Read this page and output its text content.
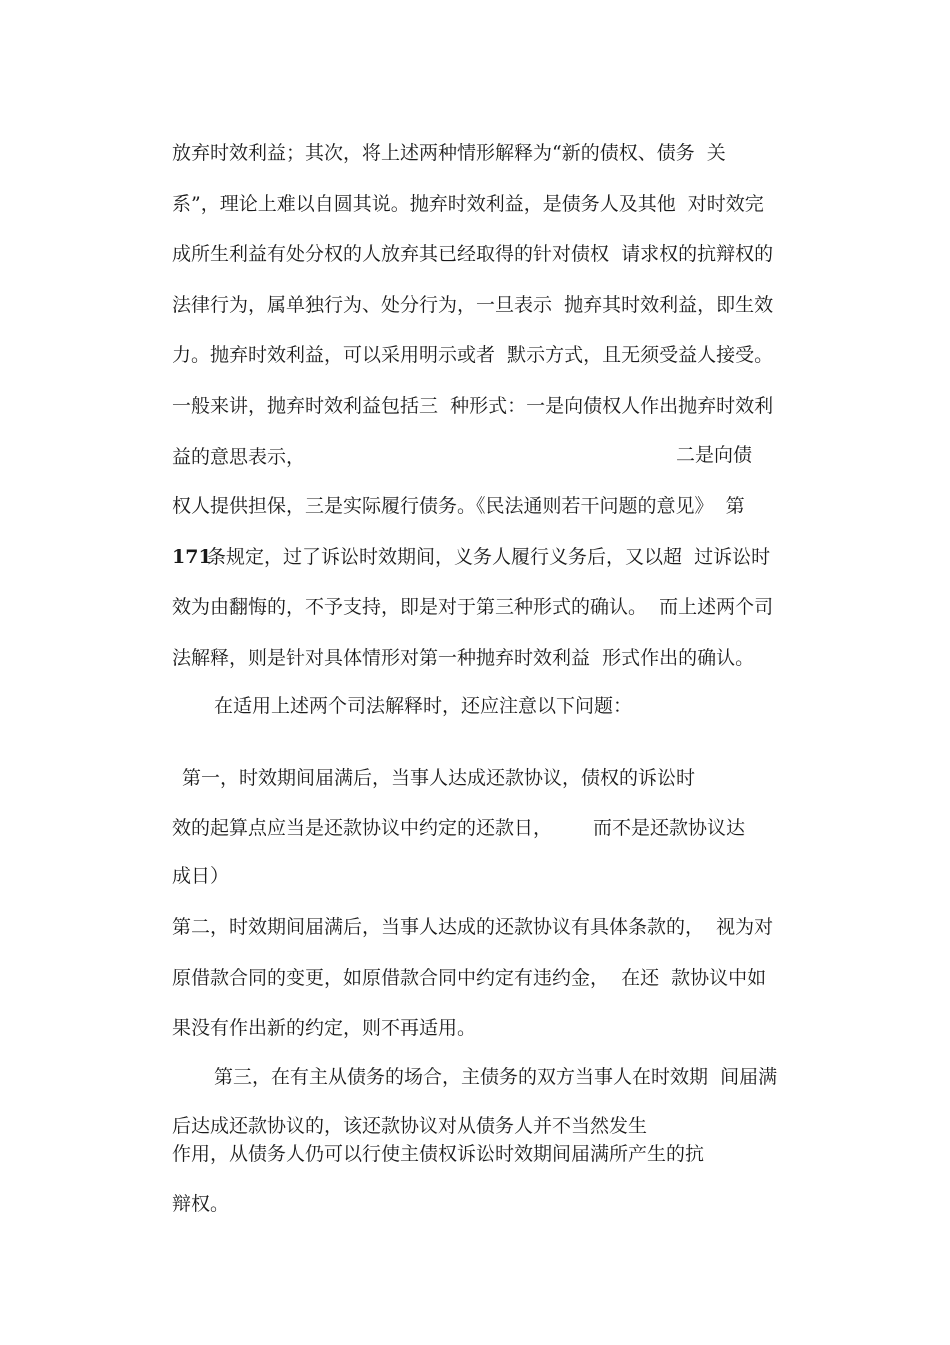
放弃时效利益；其次，将上述两种情形解释为“新的债权、债务  关

系”，理论上难以自圆其说。抛弃时效利益，是债务人及其他  对时效完

成所生利益有处分权的人放弃其已经取得的针对债权  请求权的抗辩权的

法律行为，属单独行为、处分行为，一旦表示  抛弃其时效利益，即生效

力。抛弃时效利益，可以采用明示或者  默示方式，且无须受益人接受。

一般来讲，抛弃时效利益包括三  种形式：一是向债权人作出抛弃时效利

益的意思表示，	二是向债

权人提供担保，三是实际履行债务。《民法通则若干问题的意见》  第

171

条规定，过了诉讼时效期间，义务人履行义务后，又以超  过诉讼时

效为由翻悔的，不予支持，即是对于第三种形式的确认。  而上述两个司

法解释，则是针对具体情形对第一种抛弃时效利益  形式作出的确认。

在适用上述两个司法解释时，还应注意以下问题：

第一，时效期间届满后，当事人达成还款协议，债权的诉讼时

效的起算点应当是还款协议中约定的还款日， 而不是还款协议达

成日）

第二，时效期间届满后，当事人达成的还款协议有具体条款的，  视为对

原借款合同的变更，如原借款合同中约定有违约金，  在还  款协议中如

果没有作出新的约定，则不再适用。

第三，在有主从债务的场合，主债务的双方当事人在时效期  间届满

后达成还款协议的，该还款协议对从债务人并不当然发生

作用，从债务人仍可以行使主债权诉讼时效期间届满所产生的抗

辩权。
